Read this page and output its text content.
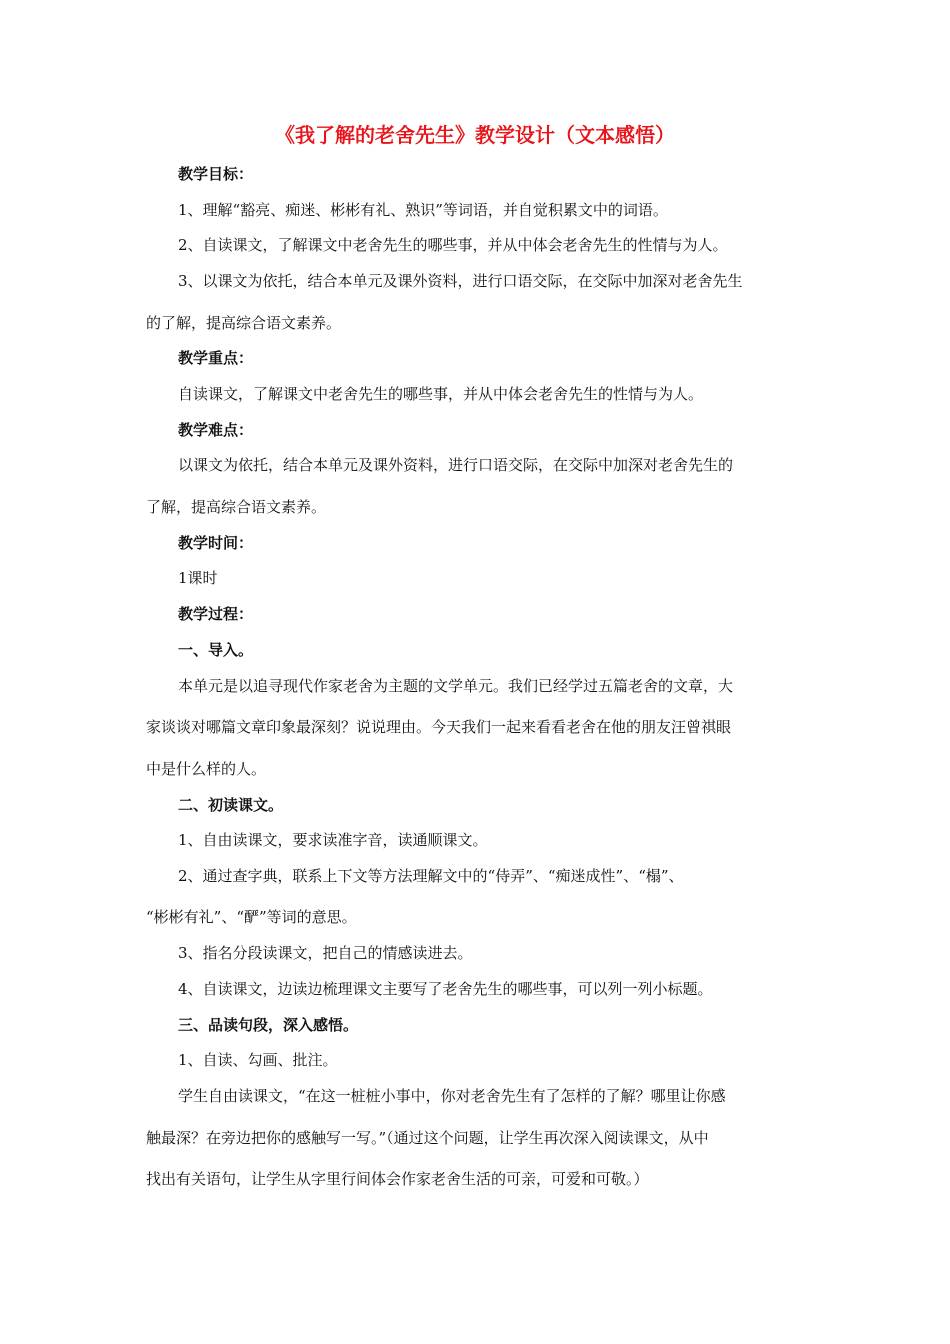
《我了解的老舍先生》教学设计（文本感悟）
教学目标：
1、理解“豁亮、痴迷、彬彬有礼、熟识”等词语，并自觉积累文中的词语。
2、自读课文，了解课文中老舍先生的哪些事，并从中体会老舍先生的性情与为人。
3、以课文为依托，结合本单元及课外资料，进行口语交际，在交际中加深对老舍先生
的了解，提高综合语文素养。
教学重点：
自读课文，了解课文中老舍先生的哪些事，并从中体会老舍先生的性情与为人。
教学难点：
以课文为依托，结合本单元及课外资料，进行口语交际，在交际中加深对老舍先生的
了解，提高综合语文素养。
教学时间：
1课时
教学过程：
一、导入。
本单元是以追寻现代作家老舍为主题的文学单元。我们已经学过五篇老舍的文章，大
家谈谈对哪篇文章印象最深刻？说说理由。今天我们一起来看看老舍在他的朋友汪曾祺眼
中是什么样的人。
二、初读课文。
1、自由读课文，要求读准字音，读通顺课文。
2、通过查字典，联系上下文等方法理解文中的“侍弄”、“痴迷成性”、“榻”、
“彬彬有礼”、“酽”等词的意思。
3、指名分段读课文，把自己的情感读进去。
4、自读课文，边读边梳理课文主要写了老舍先生的哪些事，可以列一列小标题。
三、品读句段，深入感悟。
1、自读、勾画、批注。
学生自由读课文，“在这一桩桩小事中，你对老舍先生有了怎样的了解？哪里让你感
触最深？在旁边把你的感触写一写。”（通过这个问题，让学生再次深入阅读课文，从中
找出有关语句，让学生从字里行间体会作家老舍生活的可亲，可爱和可敬。）
